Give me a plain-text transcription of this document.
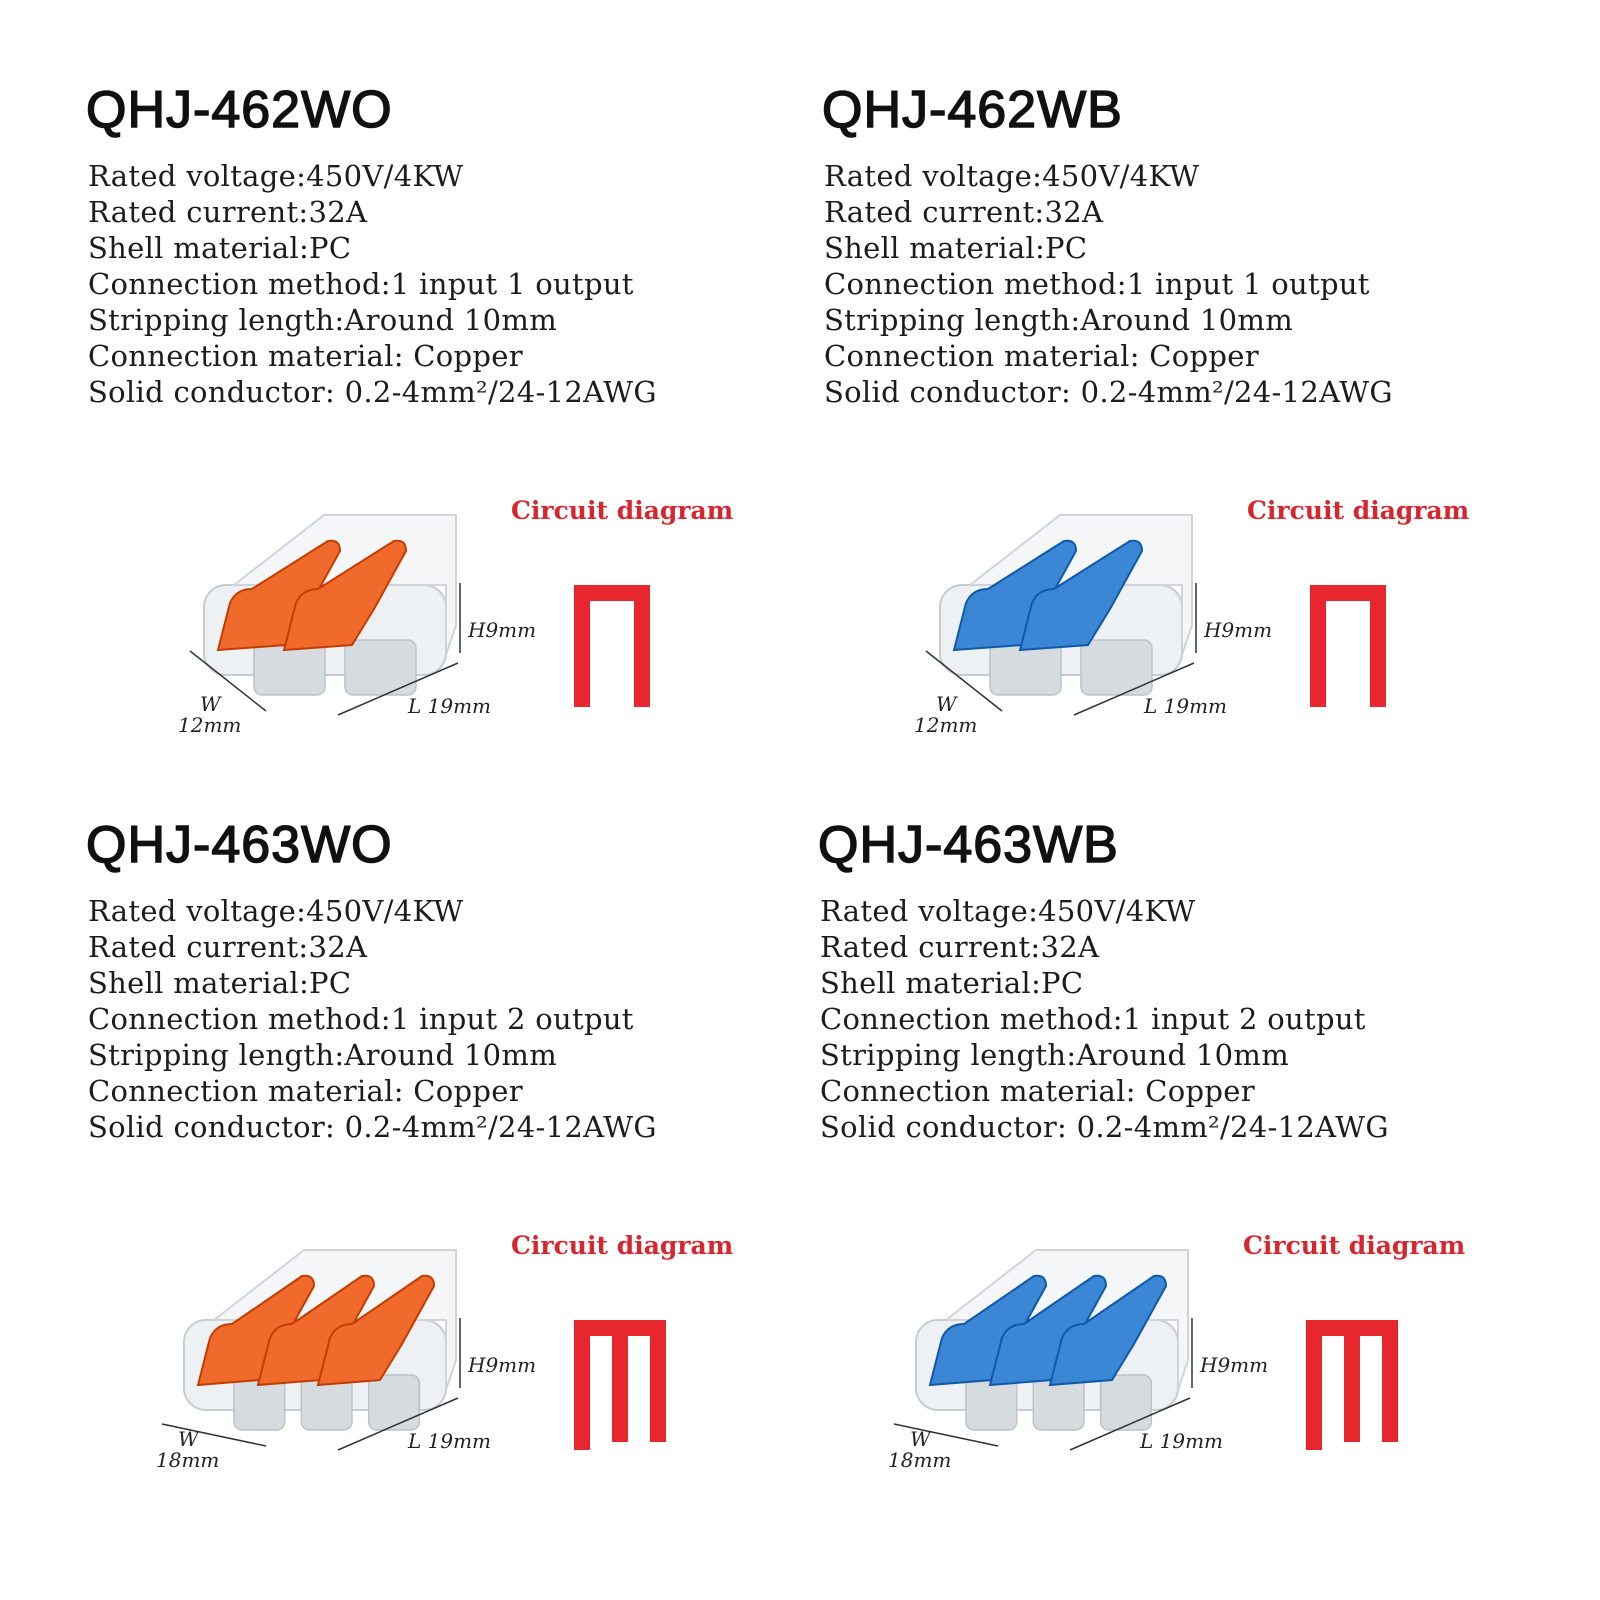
QHJ-462WO
Rated voltage:450V/4KW
Rated current:32A
Shell material:PC
Connection method:1 input 1 output
Stripping length:Around 10mm
Connection material: Copper
Solid conductor: 0.2-4mm²/24-12AWG
H9mm
L 19mm
W
12mm
Circuit diagram
QHJ-462WB
Rated voltage:450V/4KW
Rated current:32A
Shell material:PC
Connection method:1 input 1 output
Stripping length:Around 10mm
Connection material: Copper
Solid conductor: 0.2-4mm²/24-12AWG
H9mm
L 19mm
W
12mm
Circuit diagram
QHJ-463WO
Rated voltage:450V/4KW
Rated current:32A
Shell material:PC
Connection method:1 input 2 output
Stripping length:Around 10mm
Connection material: Copper
Solid conductor: 0.2-4mm²/24-12AWG
H9mm
L 19mm
W
18mm
Circuit diagram
QHJ-463WB
Rated voltage:450V/4KW
Rated current:32A
Shell material:PC
Connection method:1 input 2 output
Stripping length:Around 10mm
Connection material: Copper
Solid conductor: 0.2-4mm²/24-12AWG
H9mm
L 19mm
W
18mm
Circuit diagram
